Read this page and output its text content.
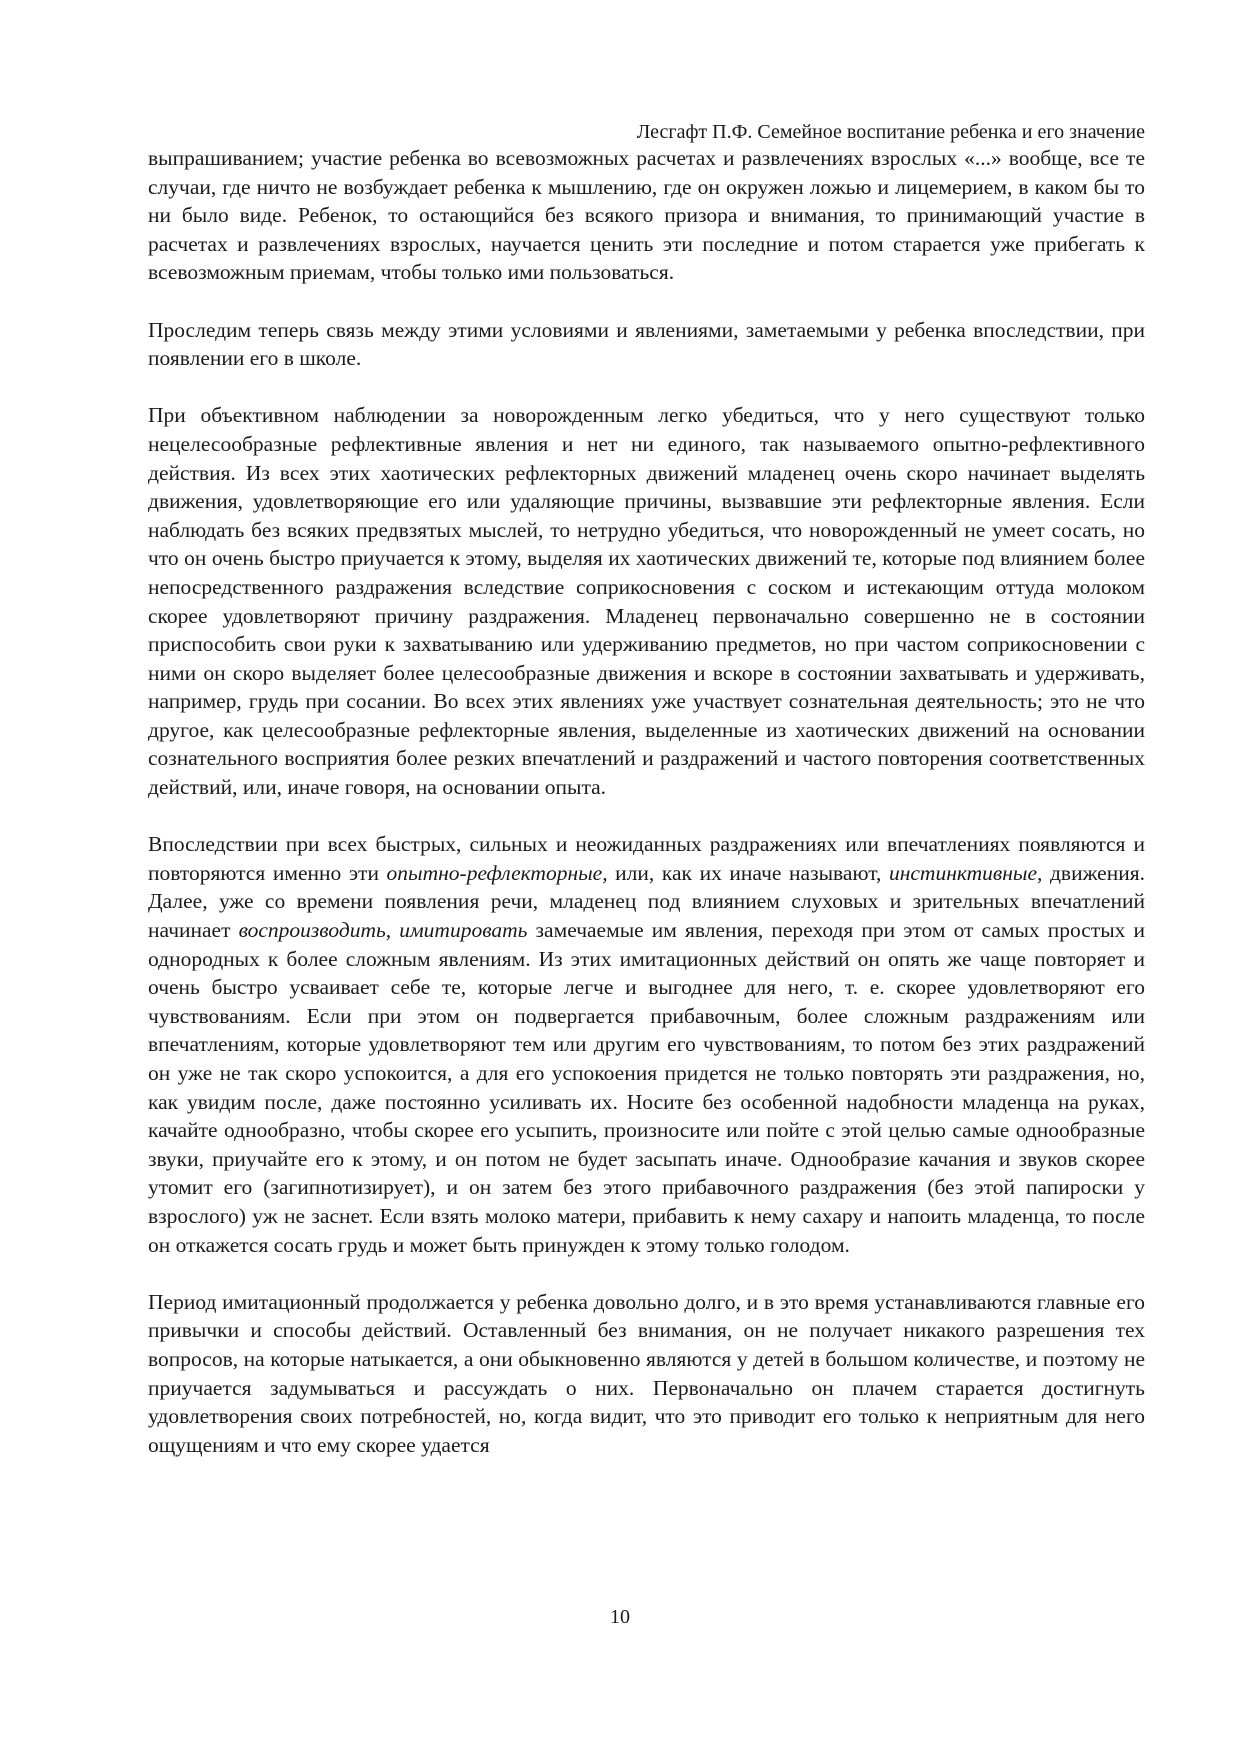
Лесгафт П.Ф. Семейное воспитание ребенка и его значение

выпрашиванием; участие ребенка во всевозможных расчетах и развлечениях взрослых «...» вообще, все те случаи, где ничто не возбуждает ребенка к мышлению, где он окружен ложью и лицемерием, в каком бы то ни было виде. Ребенок, то остающийся без всякого призора и внимания, то принимающий участие в расчетах и развлечениях взрослых, научается ценить эти последние и потом старается уже прибегать к всевозможным приемам, чтобы только ими пользоваться.

Проследим теперь связь между этими условиями и явлениями, заметаемыми у ребенка впоследствии, при появлении его в школе.

При объективном наблюдении за новорожденным легко убедиться, что у него существуют только нецелесообразные рефлективные явления и нет ни единого, так называемого опытно-рефлективного действия. Из всех этих хаотических рефлекторных движений младенец очень скоро начинает выделять движения, удовлетворяющие его или удаляющие причины, вызвавшие эти рефлекторные явления. Если наблюдать без всяких предвзятых мыслей, то нетрудно убедиться, что новорожденный не умеет сосать, но что он очень быстро приучается к этому, выделяя их хаотических движений те, которые под влиянием более непосредственного раздражения вследствие соприкосновения с соском и истекающим оттуда молоком скорее удовлетворяют причину раздражения. Младенец первоначально совершенно не в состоянии приспособить свои руки к захватыванию или удерживанию предметов, но при частом соприкосновении с ними он скоро выделяет более целесообразные движения и вскоре в состоянии захватывать и удерживать, например, грудь при сосании. Во всех этих явлениях уже участвует сознательная деятельность; это не что другое, как целесообразные рефлекторные явления, выделенные из хаотических движений на основании сознательного восприятия более резких впечатлений и раздражений и частого повторения соответственных действий, или, иначе говоря, на основании опыта.

Впоследствии при всех быстрых, сильных и неожиданных раздражениях или впечатлениях появляются и повторяются именно эти опытно-рефлекторные, или, как их иначе называют, инстинктивные, движения. Далее, уже со времени появления речи, младенец под влиянием слуховых и зрительных впечатлений начинает воспроизводить, имитировать замечаемые им явления, переходя при этом от самых простых и однородных к более сложным явлениям. Из этих имитационных действий он опять же чаще повторяет и очень быстро усваивает себе те, которые легче и выгоднее для него, т. е. скорее удовлетворяют его чувствованиям. Если при этом он подвергается прибавочным, более сложным раздражениям или впечатлениям, которые удовлетворяют тем или другим его чувствованиям, то потом без этих раздражений он уже не так скоро успокоится, а для его успокоения придется не только повторять эти раздражения, но, как увидим после, даже постоянно усиливать их. Носите без особенной надобности младенца на руках, качайте однообразно, чтобы скорее его усыпить, произносите или пойте с этой целью самые однообразные звуки, приучайте его к этому, и он потом не будет засыпать иначе. Однообразие качания и звуков скорее утомит его (загипнотизирует), и он затем без этого прибавочного раздражения (без этой папироски у взрослого) уж не заснет. Если взять молоко матери, прибавить к нему сахару и напоить младенца, то после он откажется сосать грудь и может быть принужден к этому только голодом.

Период имитационный продолжается у ребенка довольно долго, и в это время устанавливаются главные его привычки и способы действий. Оставленный без внимания, он не получает никакого разрешения тех вопросов, на которые натыкается, а они обыкновенно являются у детей в большом количестве, и поэтому не приучается задумываться и рассуждать о них. Первоначально он плачем старается достигнуть удовлетворения своих потребностей, но, когда видит, что это приводит его только к неприятным для него ощущениям и что ему скорее удается

10
